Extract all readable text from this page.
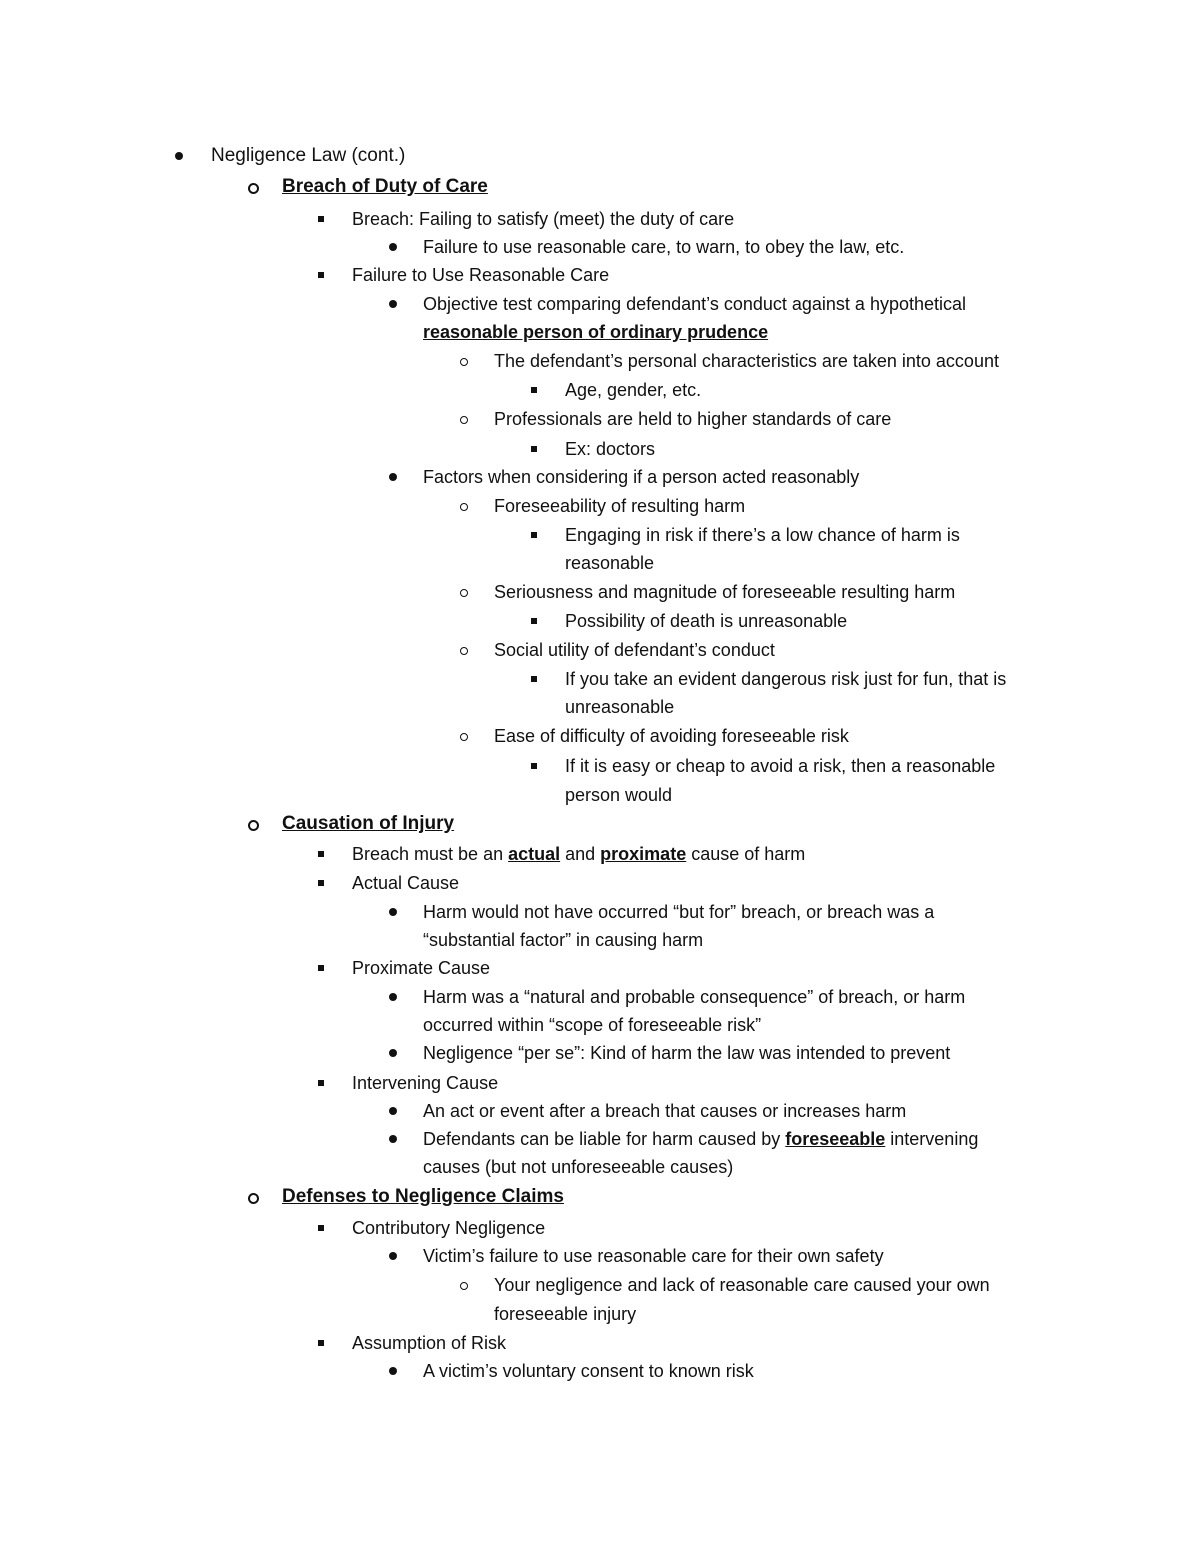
Negligence Law (cont.)
Breach of Duty of Care
Breach: Failing to satisfy (meet) the duty of care
Failure to use reasonable care, to warn, to obey the law, etc.
Failure to Use Reasonable Care
Objective test comparing defendant’s conduct against a hypothetical
reasonable person of ordinary prudence
The defendant’s personal characteristics are taken into account
Age, gender, etc.
Professionals are held to higher standards of care
Ex: doctors
Factors when considering if a person acted reasonably
Foreseeability of resulting harm
Engaging in risk if there’s a low chance of harm is
reasonable
Seriousness and magnitude of foreseeable resulting harm
Possibility of death is unreasonable
Social utility of defendant’s conduct
If you take an evident dangerous risk just for fun, that is
unreasonable
Ease of difficulty of avoiding foreseeable risk
If it is easy or cheap to avoid a risk, then a reasonable
person would
Causation of Injury
Breach must be an actual and proximate cause of harm
Actual Cause
Harm would not have occurred “but for” breach, or breach was a
“substantial factor” in causing harm
Proximate Cause
Harm was a “natural and probable consequence” of breach, or harm
occurred within “scope of foreseeable risk”
Negligence “per se”: Kind of harm the law was intended to prevent
Intervening Cause
An act or event after a breach that causes or increases harm
Defendants can be liable for harm caused by foreseeable intervening
causes (but not unforeseeable causes)
Defenses to Negligence Claims
Contributory Negligence
Victim’s failure to use reasonable care for their own safety
Your negligence and lack of reasonable care caused your own
foreseeable injury
Assumption of Risk
A victim’s voluntary consent to known risk
